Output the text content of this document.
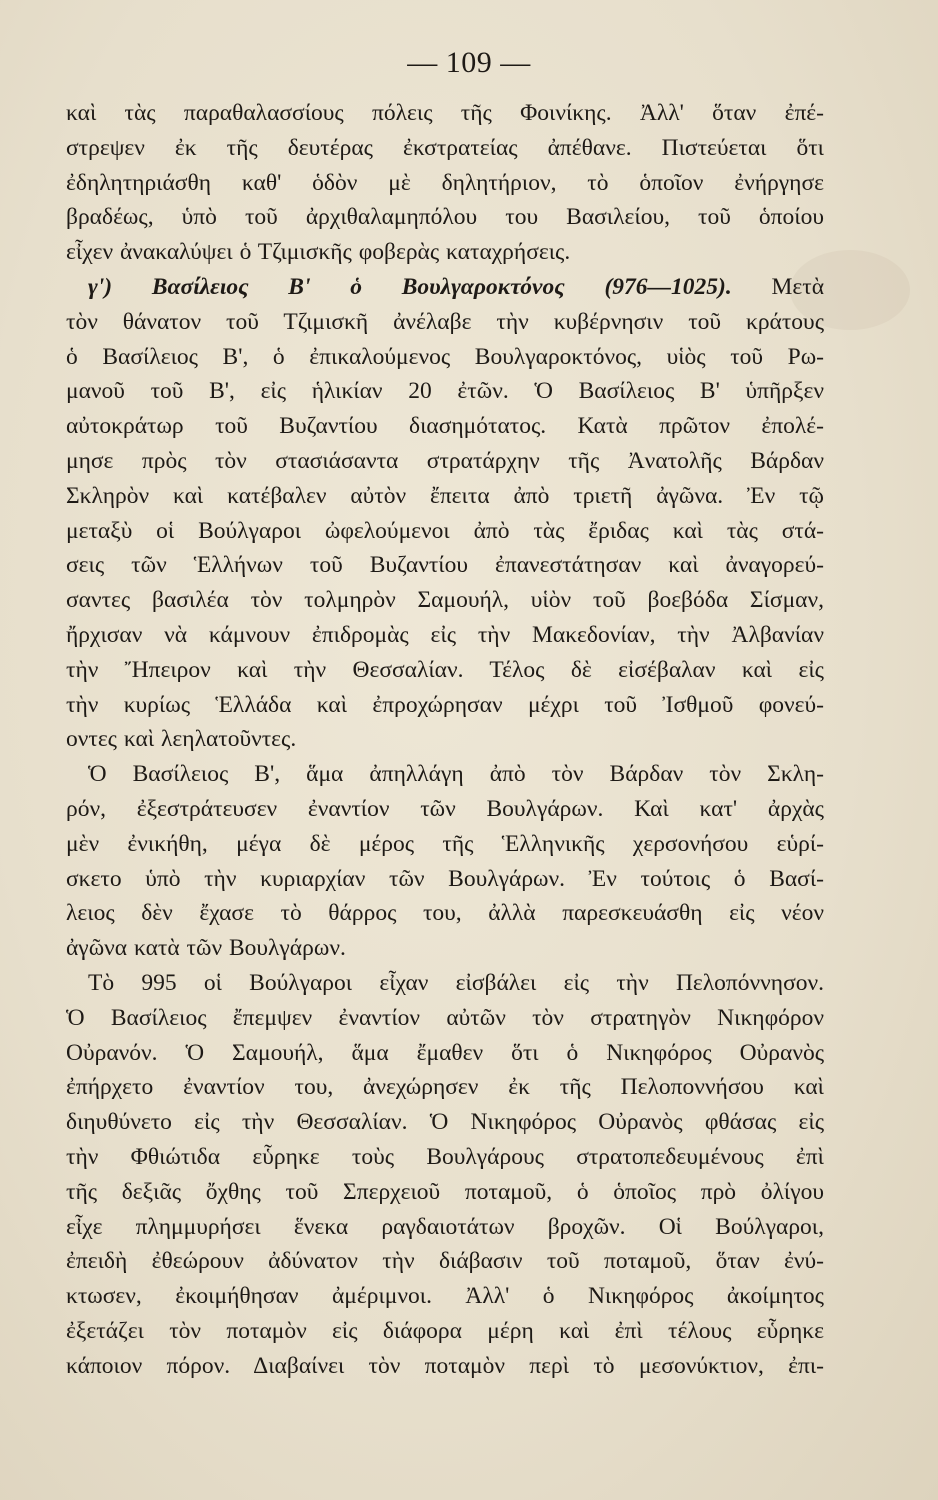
— 109 —
καὶ τὰς παραθαλασσίους πόλεις τῆς Φοινίκης. Ἀλλ' ὅταν ἐπέ-
στρεψεν ἐκ τῆς δευτέρας ἐκστρατείας ἀπέθανε. Πιστεύεται ὅτι
ἐδηλητηριάσθη καθ' ὁδὸν μὲ δηλητήριον, τὸ ὁποῖον ἐνήργησε
βραδέως, ὑπὸ τοῦ ἀρχιθαλαμηπόλου του Βασιλείου, τοῦ ὁποίου
εἶχεν ἀνακαλύψει ὁ Τζιμισκῆς φοβερὰς καταχρήσεις.
γ') Βασίλειος Β' ὁ Βουλγαροκτόνος (976—1025). Μετὰ
τὸν θάνατον τοῦ Τζιμισκῆ ἀνέλαβε τὴν κυβέρνησιν τοῦ κράτους
ὁ Βασίλειος Β', ὁ ἐπικαλούμενος Βουλγαροκτόνος, υἱὸς τοῦ Ρω-
μανοῦ τοῦ Β', εἰς ἡλικίαν 20 ἐτῶν. Ὁ Βασίλειος Β' ὑπῆρξεν
αὐτοκράτωρ τοῦ Βυζαντίου διασημότατος. Κατὰ πρῶτον ἐπολέ-
μησε πρὸς τὸν στασιάσαντα στρατάρχην τῆς Ἀνατολῆς Βάρδαν
Σκληρὸν καὶ κατέβαλεν αὐτὸν ἔπειτα ἀπὸ τριετῆ ἀγῶνα. Ἐν τῷ
μεταξὺ οἱ Βούλγαροι ὠφελούμενοι ἀπὸ τὰς ἔριδας καὶ τὰς στά-
σεις τῶν Ἑλλήνων τοῦ Βυζαντίου ἐπανεστάτησαν καὶ ἀναγορεύ-
σαντες βασιλέα τὸν τολμηρὸν Σαμουήλ, υἱὸν τοῦ βοεβόδα Σίσμαν,
ἤρχισαν νὰ κάμνουν ἐπιδρομὰς εἰς τὴν Μακεδονίαν, τὴν Ἀλβανίαν
τὴν Ἤπειρον καὶ τὴν Θεσσαλίαν. Τέλος δὲ εἰσέβαλαν καὶ εἰς
τὴν κυρίως Ἑλλάδα καὶ ἐπροχώρησαν μέχρι τοῦ Ἰσθμοῦ φονεύ-
οντες καὶ λεηλατοῦντες.
Ὁ Βασίλειος Β', ἅμα ἀπηλλάγη ἀπὸ τὸν Βάρδαν τὸν Σκλη-
ρόν, ἐξεστράτευσεν ἐναντίον τῶν Βουλγάρων. Καὶ κατ' ἀρχὰς
μὲν ἐνικήθη, μέγα δὲ μέρος τῆς Ἑλληνικῆς χερσονήσου εὑρί-
σκετο ὑπὸ τὴν κυριαρχίαν τῶν Βουλγάρων. Ἐν τούτοις ὁ Βασί-
λειος δὲν ἔχασε τὸ θάρρος του, ἀλλὰ παρεσκευάσθη εἰς νέον
ἀγῶνα κατὰ τῶν Βουλγάρων.
Τὸ 995 οἱ Βούλγαροι εἶχαν εἰσβάλει εἰς τὴν Πελοπόννησον.
Ὁ Βασίλειος ἔπεμψεν ἐναντίον αὐτῶν τὸν στρατηγὸν Νικηφόρον
Οὐρανόν. Ὁ Σαμουήλ, ἅμα ἔμαθεν ὅτι ὁ Νικηφόρος Οὐρανὸς
ἐπήρχετο ἐναντίον του, ἀνεχώρησεν ἐκ τῆς Πελοποννήσου καὶ
διηυθύνετο εἰς τὴν Θεσσαλίαν. Ὁ Νικηφόρος Οὐρανὸς φθάσας εἰς
τὴν Φθιώτιδα εὗρηκε τοὺς Βουλγάρους στρατοπεδευμένους ἐπὶ
τῆς δεξιᾶς ὄχθης τοῦ Σπερχειοῦ ποταμοῦ, ὁ ὁποῖος πρὸ ὀλίγου
εἶχε πλημμυρήσει ἕνεκα ραγδαιοτάτων βροχῶν. Οἱ Βούλγαροι,
ἐπειδὴ ἐθεώρουν ἀδύνατον τὴν διάβασιν τοῦ ποταμοῦ, ὅταν ἐνύ-
κτωσεν, ἐκοιμήθησαν ἀμέριμνοι. Ἀλλ' ὁ Νικηφόρος ἀκοίμητος
ἐξετάζει τὸν ποταμὸν εἰς διάφορα μέρη καὶ ἐπὶ τέλους εὗρηκε
κάποιον πόρον. Διαβαίνει τὸν ποταμὸν περὶ τὸ μεσονύκτιον, ἐπι-
